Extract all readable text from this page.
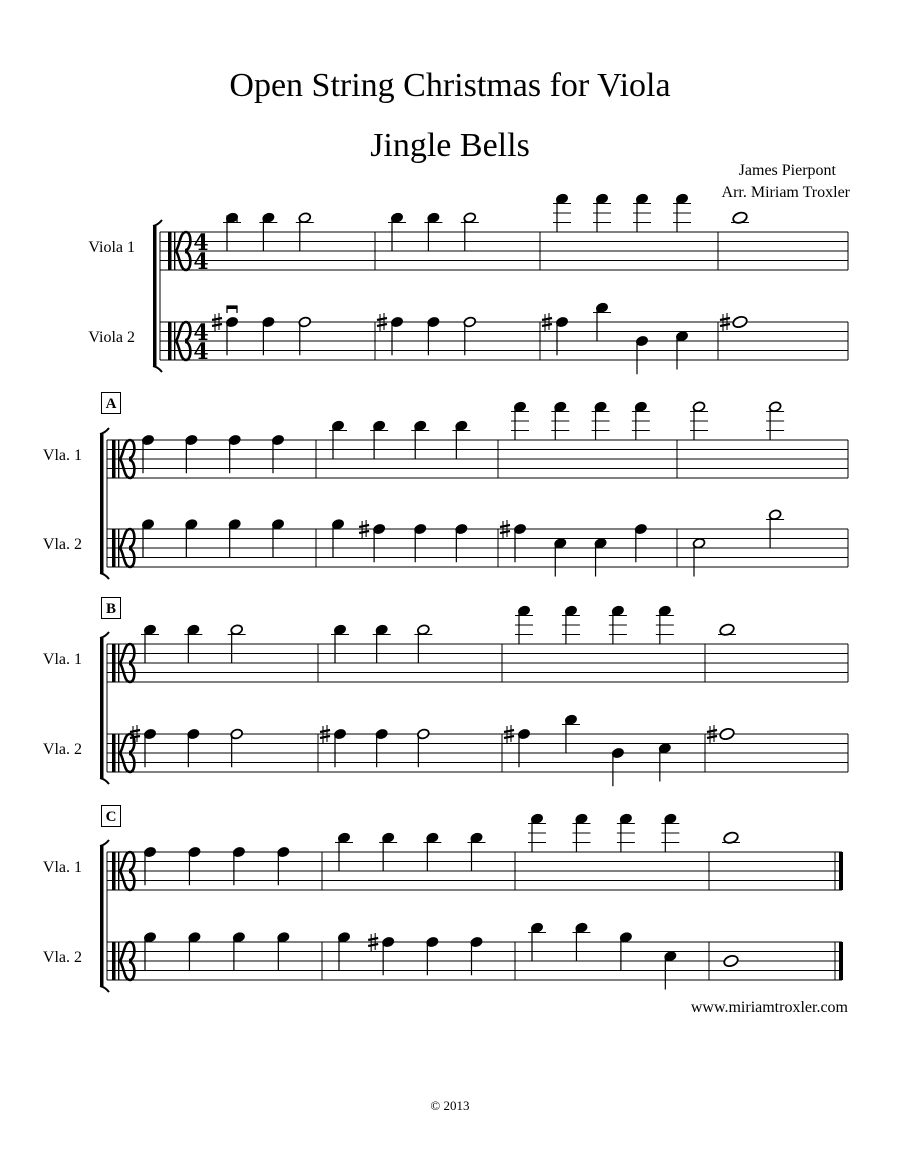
Open String Christmas for Viola
Jingle Bells
James Pierpont
Arr. Miriam Troxler
Viola 1
Viola 2
A
Vla. 1
Vla. 2
B
Vla. 1
Vla. 2
C
Vla. 1
Vla. 2
4
4
4
4
www.miriamtroxler.com
© 2013
